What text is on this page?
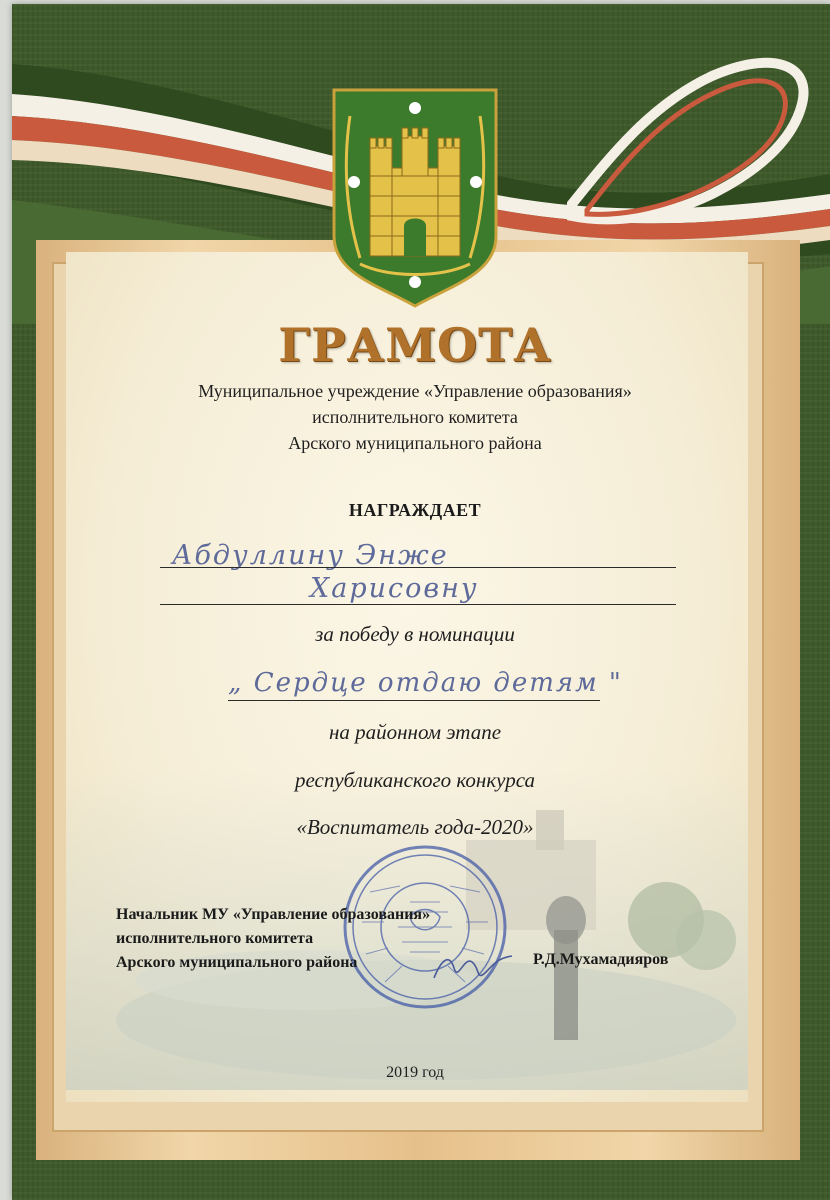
ГРАМОТА
Муниципальное учреждение «Управление образования»
исполнительного комитета
Арского муниципального района
НАГРАЖДАЕТ
Абдуллину Энже
Харисовну
за победу в номинации
„ Сердце отдаю детям "
на районном этапе
республиканского конкурса
«Воспитатель года-2020»
Начальник МУ «Управление образования»
исполнительного комитета
Арского муниципального района	Р.Д.Мухамадияров
2019 год
